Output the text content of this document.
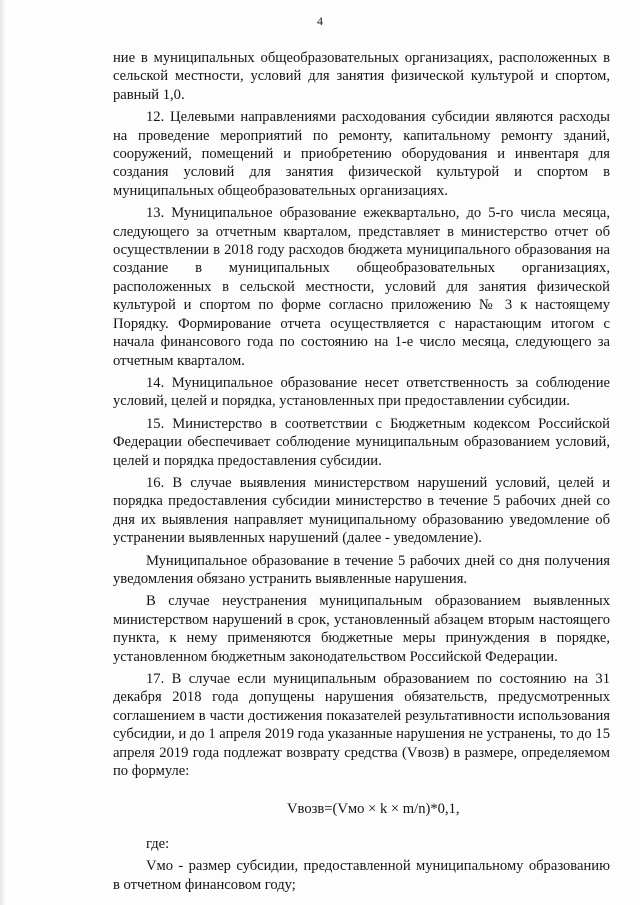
4

ние в муниципальных общеобразовательных организациях, расположенных в сельской местности, условий для занятия физической культурой и спортом, равный 1,0.

12. Целевыми направлениями расходования субсидии являются расходы на проведение мероприятий по ремонту, капитальному ремонту зданий, сооружений, помещений и приобретению оборудования и инвентаря для создания условий для занятия физической культурой и спортом в муниципальных общеобразовательных организациях.

13. Муниципальное образование ежеквартально, до 5-го числа месяца, следующего за отчетным кварталом, представляет в министерство отчет об осуществлении в 2018 году расходов бюджета муниципального образования на создание в муниципальных общеобразовательных организациях, расположенных в сельской местности, условий для занятия физической культурой и спортом по форме согласно приложению № 3 к настоящему Порядку. Формирование отчета осуществляется с нарастающим итогом с начала финансового года по состоянию на 1-е число месяца, следующего за отчетным кварталом.

14. Муниципальное образование несет ответственность за соблюдение условий, целей и порядка, установленных при предоставлении субсидии.

15. Министерство в соответствии с Бюджетным кодексом Российской Федерации обеспечивает соблюдение муниципальным образованием условий, целей и порядка предоставления субсидии.

16. В случае выявления министерством нарушений условий, целей и порядка предоставления субсидии министерство в течение 5 рабочих дней со дня их выявления направляет муниципальному образованию уведомление об устранении выявленных нарушений (далее - уведомление).

Муниципальное образование в течение 5 рабочих дней со дня получения уведомления обязано устранить выявленные нарушения.

В случае неустранения муниципальным образованием выявленных министерством нарушений в срок, установленный абзацем вторым настоящего пункта, к нему применяются бюджетные меры принуждения в порядке, установленном бюджетным законодательством Российской Федерации.

17. В случае если муниципальным образованием по состоянию на 31 декабря 2018 года допущены нарушения обязательств, предусмотренных соглашением в части достижения показателей результативности использования субсидии, и до 1 апреля 2019 года указанные нарушения не устранены, то до 15 апреля 2019 года подлежат возврату средства (Vвозв) в размере, определяемом по формуле:

Vвозв=(Vмо × k × m/n)*0,1,

где:

Vмо - размер субсидии, предоставленной муниципальному образованию в отчетном финансовом году;
